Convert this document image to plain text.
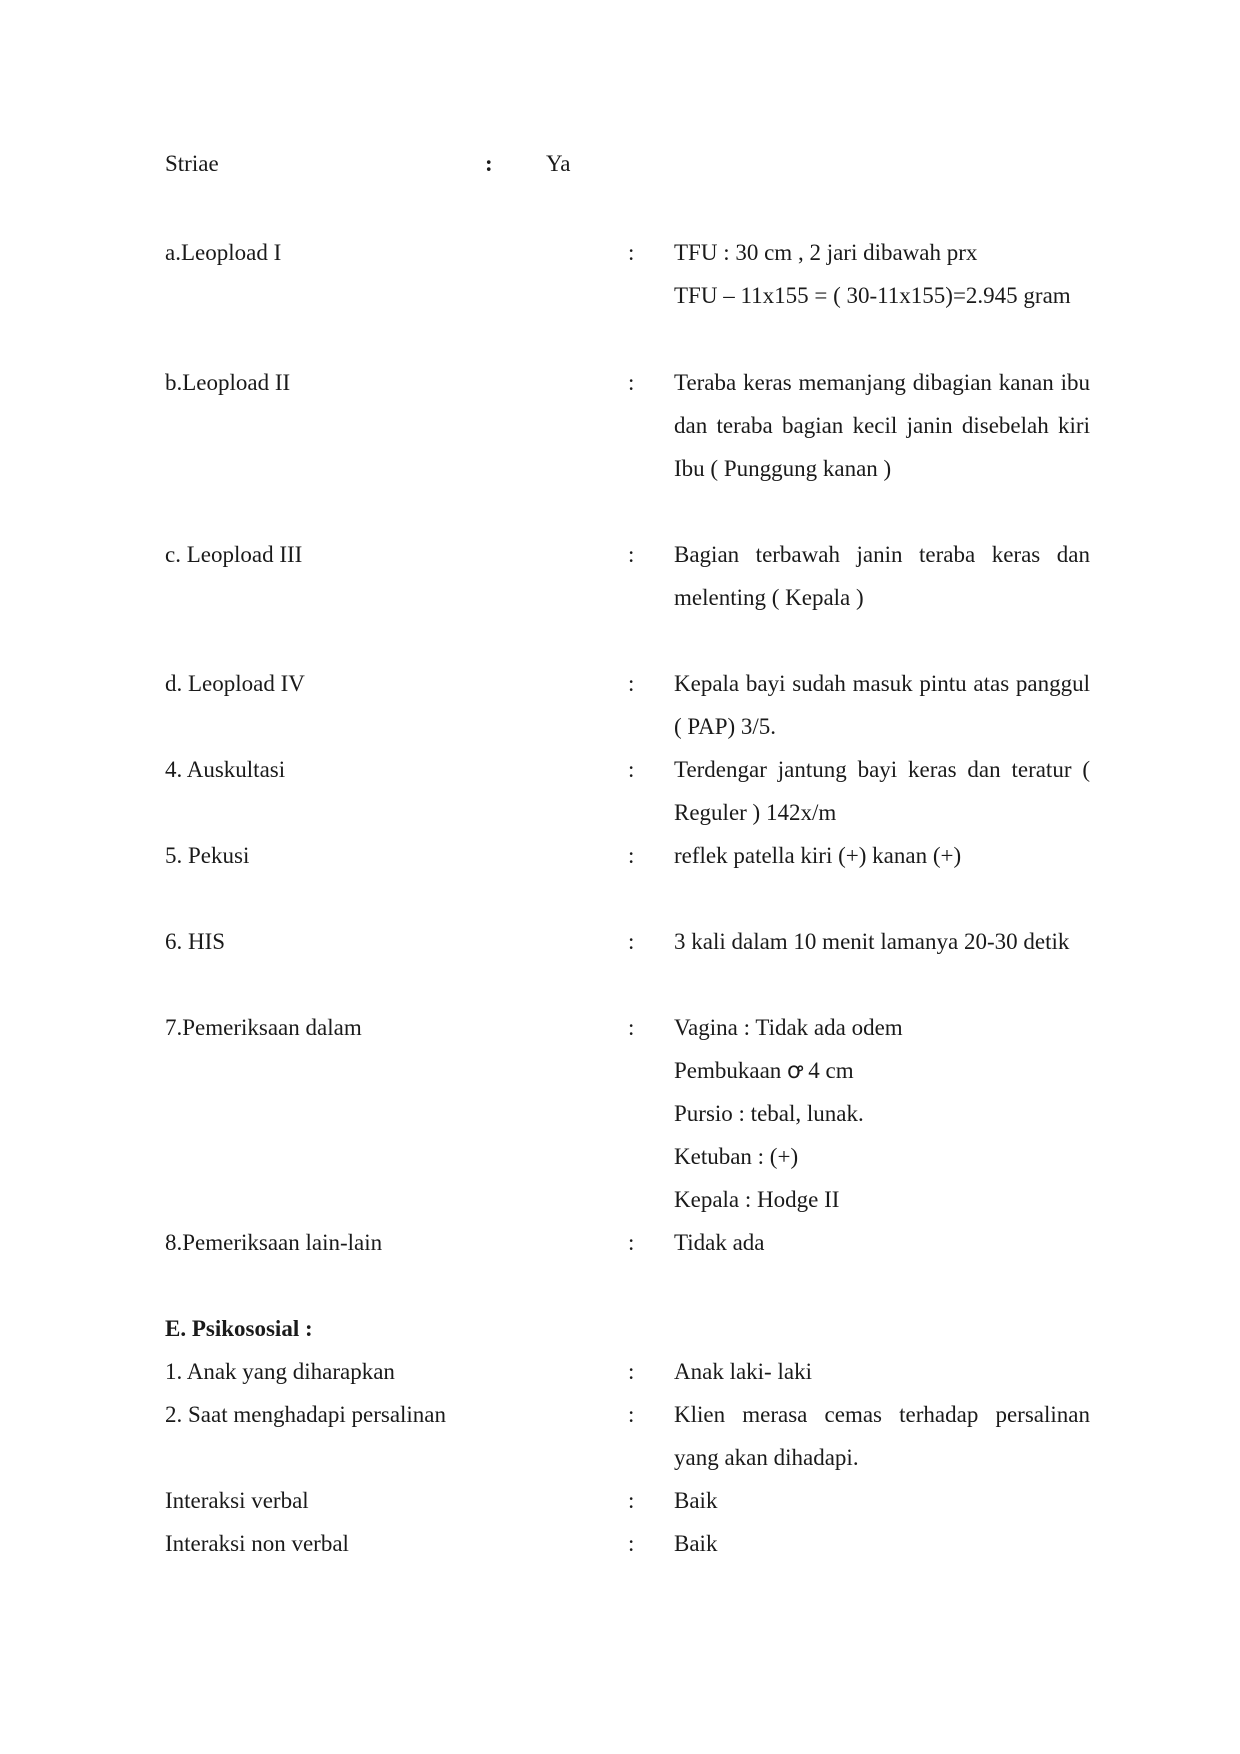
Striae	: Ya
a.Leopload I	: TFU : 30 cm , 2 jari dibawah prx
TFU – 11x155 = ( 30-11x155)=2.945 gram
b.Leopload II	: Teraba keras memanjang dibagian kanan ibu dan teraba bagian kecil janin disebelah kiri Ibu ( Punggung kanan )
c. Leopload III	: Bagian terbawah janin teraba keras dan melenting ( Kepala )
d. Leopload IV	: Kepala bayi sudah masuk pintu atas panggul ( PAP) 3/5.
4. Auskultasi	: Terdengar jantung bayi keras dan teratur ( Reguler ) 142x/m
5. Pekusi	: reflek patella kiri (+) kanan (+)
6. HIS	: 3 kali dalam 10 menit lamanya 20-30 detik
7.Pemeriksaan dalam	: Vagina : Tidak ada odem
Pembukaan ꝍ 4 cm
Pursio : tebal, lunak.
Ketuban : (+)
Kepala : Hodge II
8.Pemeriksaan lain-lain	: Tidak ada
E. Psikososial :
1. Anak yang diharapkan	: Anak laki- laki
2. Saat menghadapi persalinan	: Klien merasa cemas terhadap persalinan yang akan dihadapi.
Interaksi verbal	: Baik
Interaksi non verbal	: Baik
